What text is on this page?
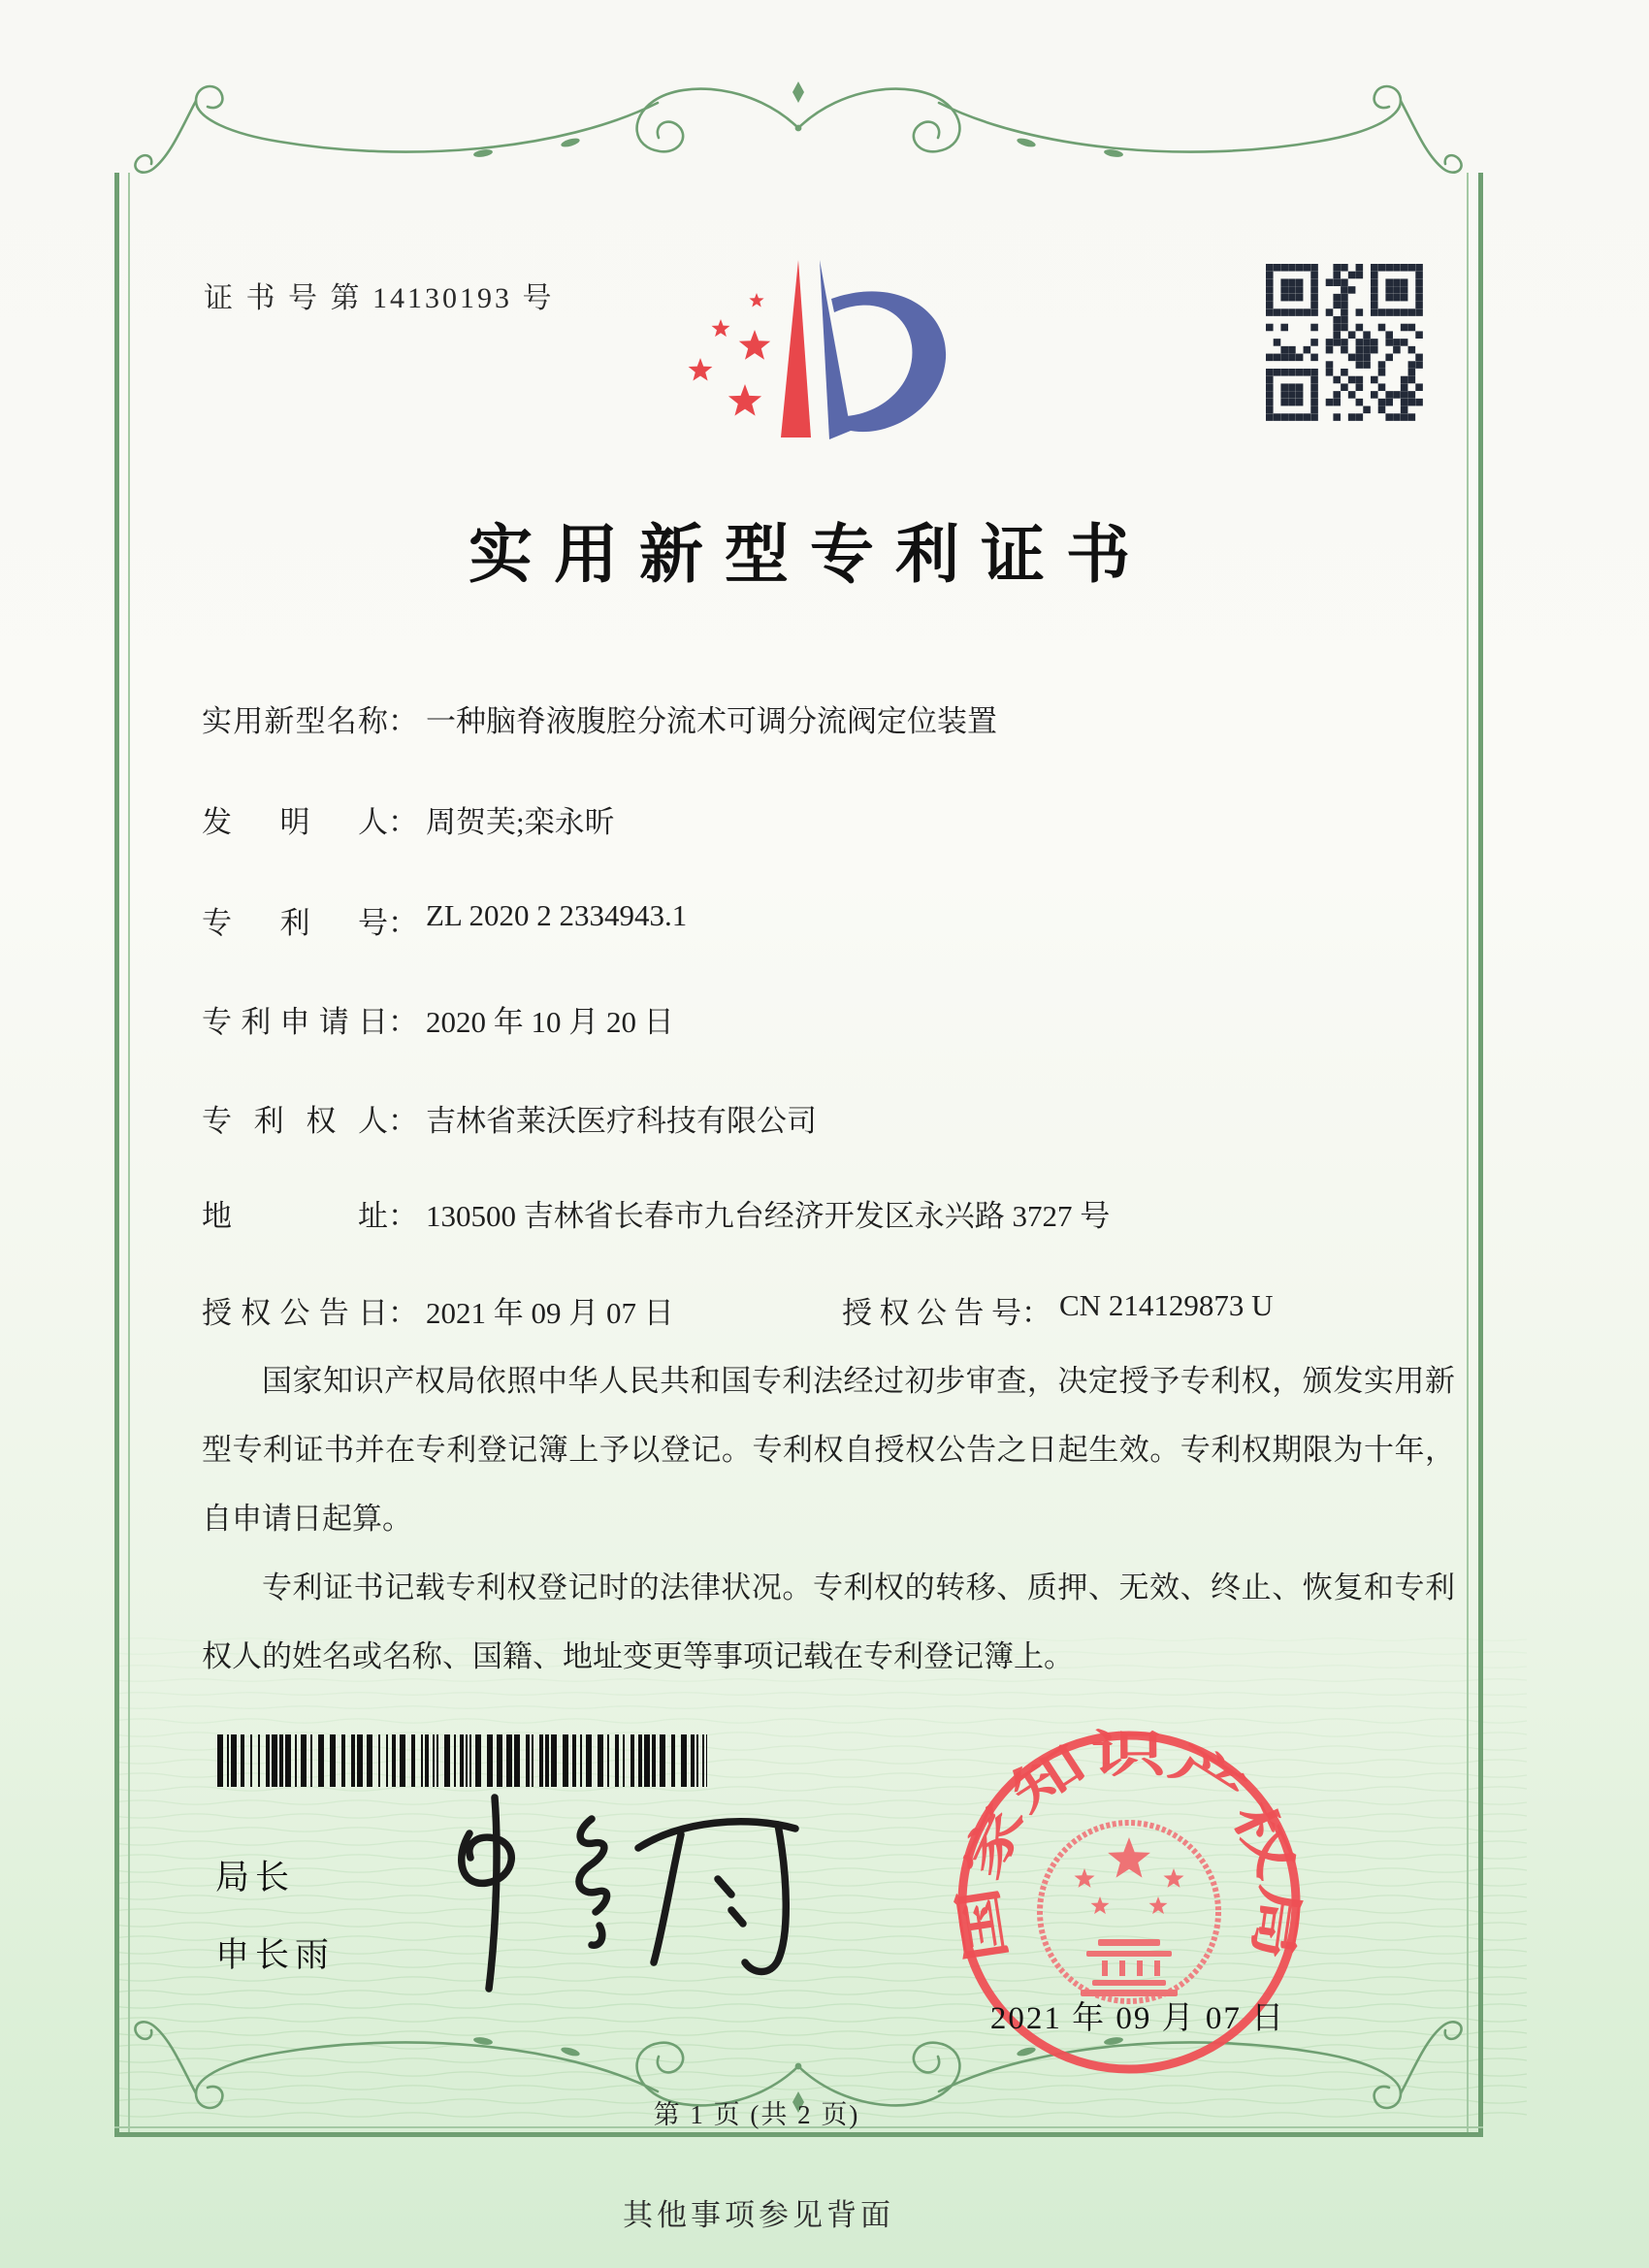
证 书 号 第 14130193 号
实用新型专利证书
实用新型名称： 一种脑脊液腹腔分流术可调分流阀定位装置
发明人： 周贺芙;栾永昕
专利号： ZL 2020 2 2334943.1
专利申请日： 2020 年 10 月 20 日
专利权人： 吉林省莱沃医疗科技有限公司
地址： 130500 吉林省长春市九台经济开发区永兴路 3727 号
授权公告日： 2021 年 09 月 07 日	授权公告号： CN 214129873 U

国家知识产权局依照中华人民共和国专利法经过初步审查，决定授予专利权，颁发实用新型专利证书并在专利登记簿上予以登记。专利权自授权公告之日起生效。专利权期限为十年，自申请日起算。

专利证书记载专利权登记时的法律状况。专利权的转移、质押、无效、终止、恢复和专利权人的姓名或名称、国籍、地址变更等事项记载在专利登记簿上。

局长
申长雨	国家知识产权局
2021 年 09 月 07 日
第 1 页 (共 2 页)
其他事项参见背面
